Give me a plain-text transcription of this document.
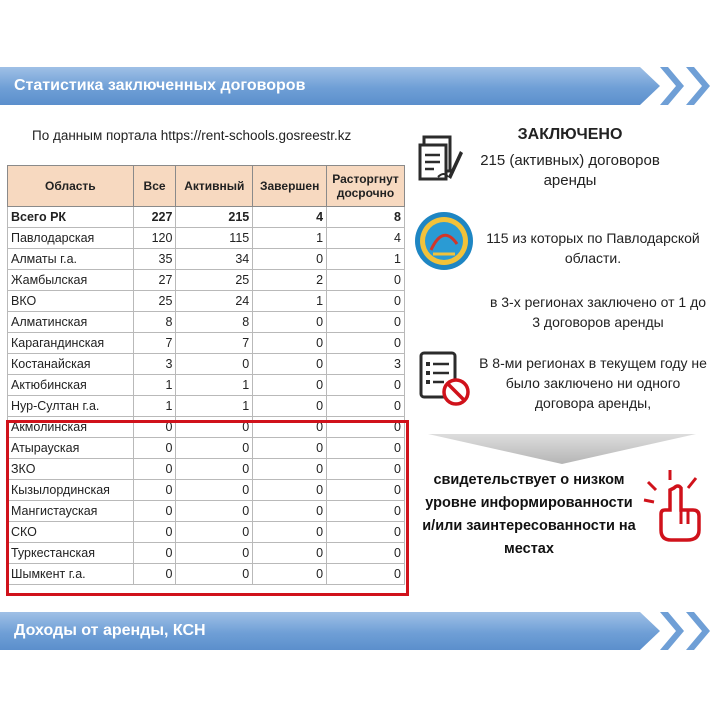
Статистика заключенных договоров
По данным портала https://rent-schools.gosreestr.kz
Область	Все	Активный	Завершен	Расторгнут досрочно
Всего РК	227	215	4	8
Павлодарская	120	115	1	4
Алматы г.а.	35	34	0	1
Жамбылская	27	25	2	0
ВКО	25	24	1	0
Алматинская	8	8	0	0
Карагандинская	7	7	0	0
Костанайская	3	0	0	3
Актюбинская	1	1	0	0
Нур-Султан г.а.	1	1	0	0
Акмолинская	0	0	0	0
Атырауская	0	0	0	0
ЗКО	0	0	0	0
Кызылординская	0	0	0	0
Мангистауская	0	0	0	0
СКО	0	0	0	0
Туркестанская	0	0	0	0
Шымкент г.а.	0	0	0	0
ЗАКЛЮЧЕНО
215 (активных) договоров аренды
115 из которых по Павлодарской области.
в 3-х регионах заключено от 1 до 3 договоров аренды
В 8-ми регионах в текущем году не было заключено ни одного договора аренды,
свидетельствует о низком уровне информированности и/или заинтересованности на местах
Доходы от аренды, КСН
